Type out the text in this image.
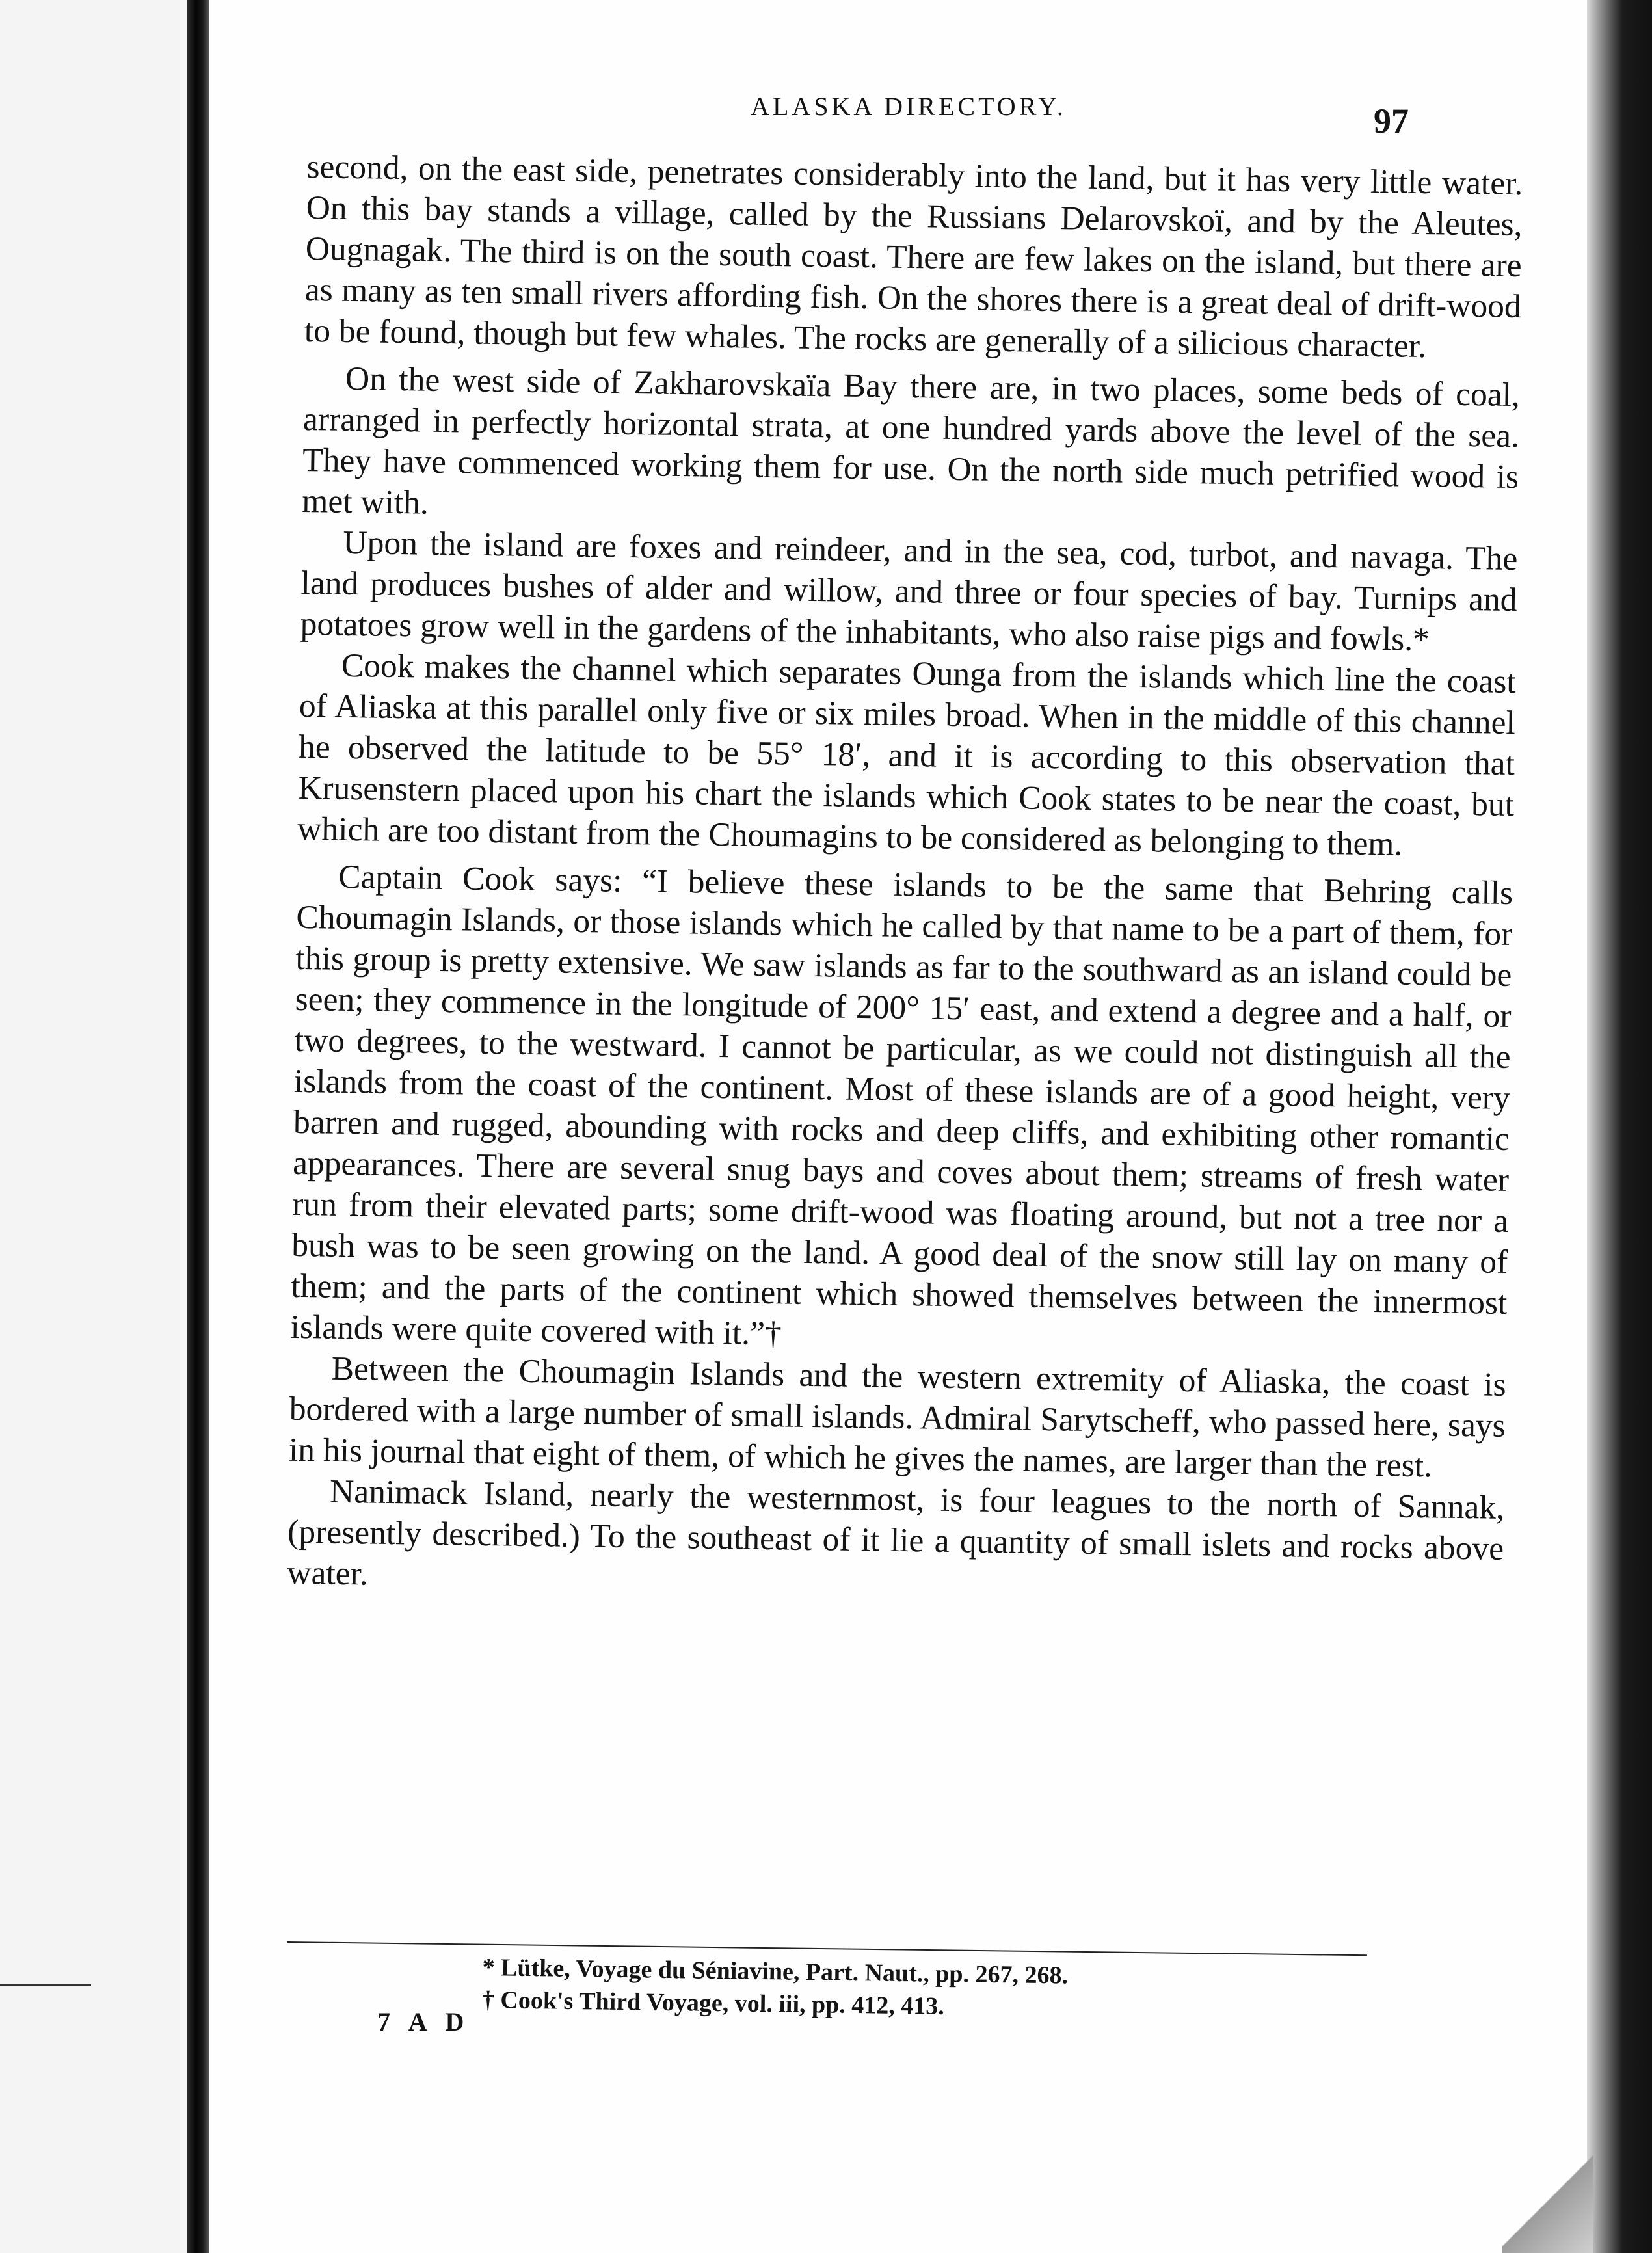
ALASKA DIRECTORY.	97

second, on the east side, penetrates considerably into the land, but it has very little water. On this bay stands a village, called by the Russians Delarovskoï, and by the Aleutes, Ougnagak. The third is on the south coast. There are few lakes on the island, but there are as many as ten small rivers affording fish. On the shores there is a great deal of drift-wood to be found, though but few whales. The rocks are generally of a silicious character.

On the west side of Zakharovskaïa Bay there are, in two places, some beds of coal, arranged in perfectly horizontal strata, at one hundred yards above the level of the sea. They have commenced working them for use. On the north side much petrified wood is met with.

Upon the island are foxes and reindeer, and in the sea, cod, turbot, and navaga. The land produces bushes of alder and willow, and three or four species of bay. Turnips and potatoes grow well in the gardens of the inhabitants, who also raise pigs and fowls.*

Cook makes the channel which separates Ounga from the islands which line the coast of Aliaska at this parallel only five or six miles broad. When in the middle of this channel he observed the latitude to be 55° 18′, and it is according to this observation that Krusenstern placed upon his chart the islands which Cook states to be near the coast, but which are too distant from the Choumagins to be considered as belonging to them.

Captain Cook says: “I believe these islands to be the same that Behring calls Choumagin Islands, or those islands which he called by that name to be a part of them, for this group is pretty extensive. We saw islands as far to the southward as an island could be seen; they commence in the longitude of 200° 15′ east, and extend a degree and a half, or two degrees, to the westward. I cannot be particular, as we could not distinguish all the islands from the coast of the continent. Most of these islands are of a good height, very barren and rugged, abounding with rocks and deep cliffs, and exhibiting other romantic appearances. There are several snug bays and coves about them; streams of fresh water run from their elevated parts; some drift-wood was floating around, but not a tree nor a bush was to be seen growing on the land. A good deal of the snow still lay on many of them; and the parts of the continent which showed themselves between the innermost islands were quite covered with it.”†

Between the Choumagin Islands and the western extremity of Aliaska, the coast is bordered with a large number of small islands. Admiral Sarytscheff, who passed here, says in his journal that eight of them, of which he gives the names, are larger than the rest.

Nanimack Island, nearly the westernmost, is four leagues to the north of Sannak, (presently described.) To the southeast of it lie a quantity of small islets and rocks above water.

* Lütke, Voyage du Séniavine, Part. Naut., pp. 267, 268.
† Cook's Third Voyage, vol. iii, pp. 412, 413.
7 A D
